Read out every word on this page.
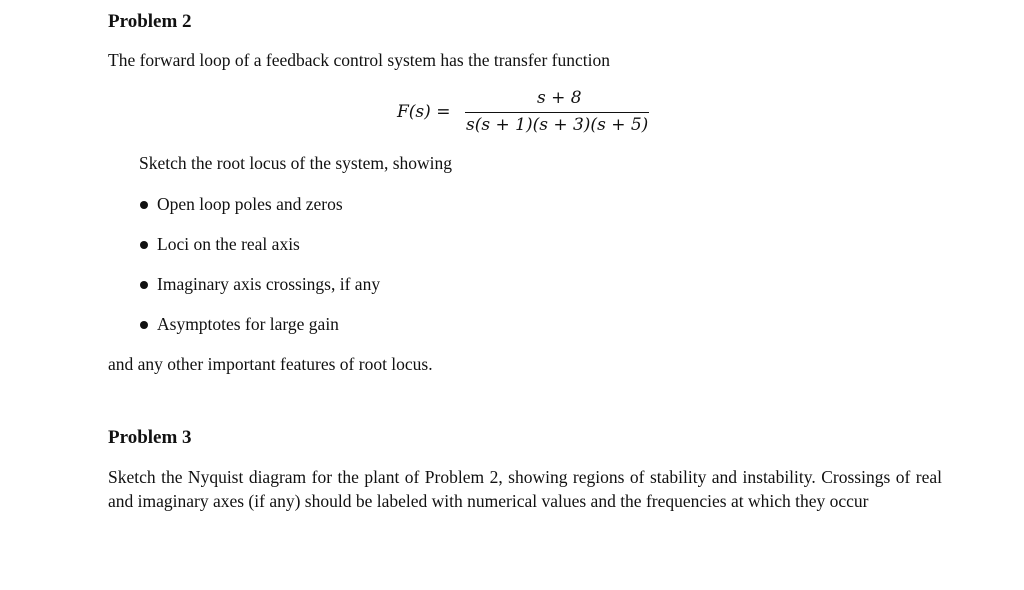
Problem 2
The forward loop of a feedback control system has the transfer function
F(s) =
s + 8
s(s + 1)(s + 3)(s + 5)
Sketch the root locus of the system, showing
Open loop poles and zeros
Loci on the real axis
Imaginary axis crossings, if any
Asymptotes for large gain
and any other important features of root locus.
Problem 3
Sketch the Nyquist diagram for the plant of Problem 2, showing regions of stability and instability. Crossings of real and imaginary axes (if any) should be labeled with numerical values and the frequencies at which they occur
